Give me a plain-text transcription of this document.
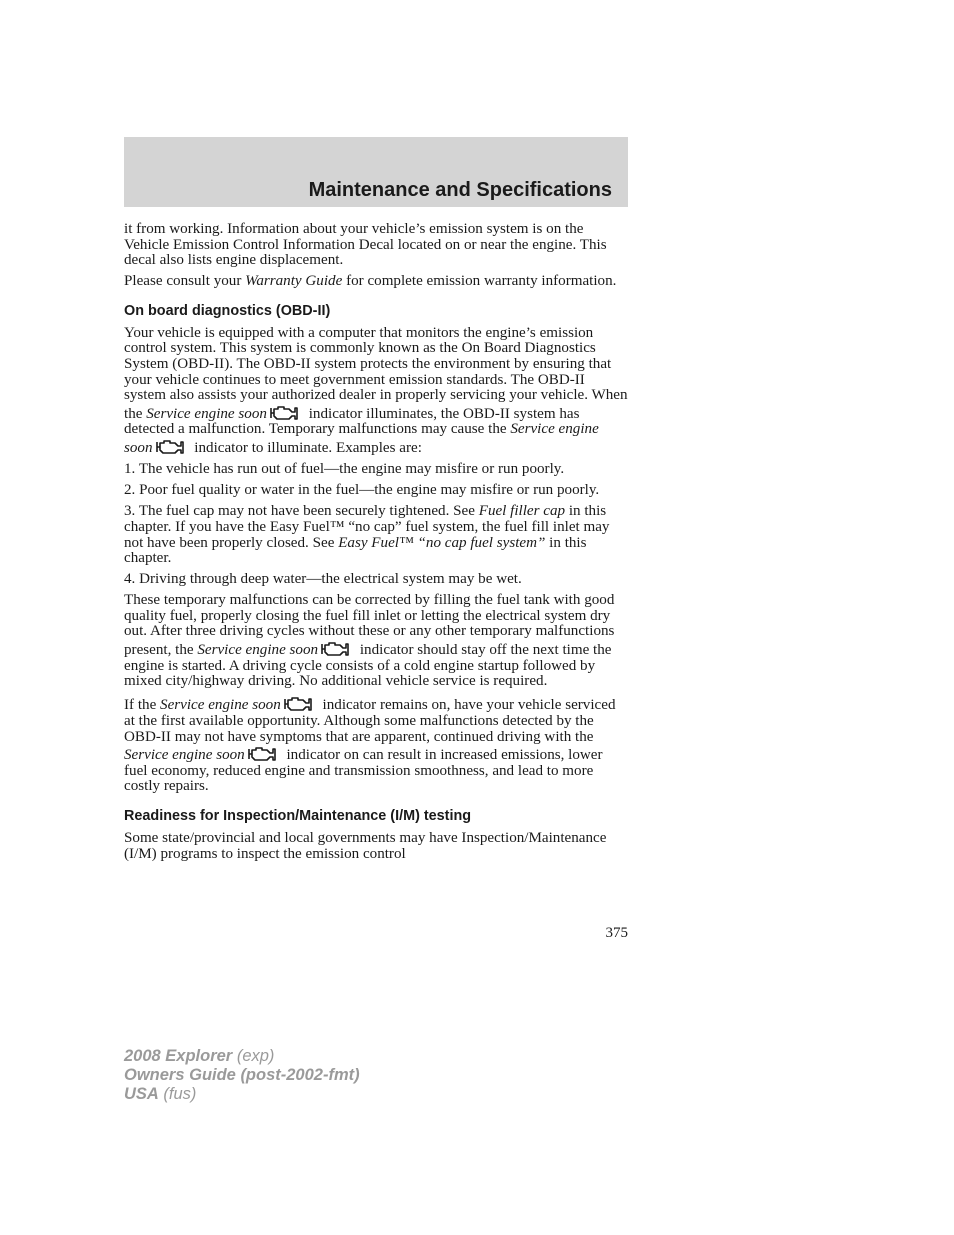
Maintenance and Specifications

it from working. Information about your vehicle’s emission system is on the Vehicle Emission Control Information Decal located on or near the engine. This decal also lists engine displacement.

Please consult your Warranty Guide for complete emission warranty information.

On board diagnostics (OBD-II)

Your vehicle is equipped with a computer that monitors the engine’s emission control system. This system is commonly known as the On Board Diagnostics System (OBD-II). The OBD-II system protects the environment by ensuring that your vehicle continues to meet government emission standards. The OBD-II system also assists your authorized dealer in properly servicing your vehicle. When the Service engine soon	indicator illuminates, the OBD-II system has detected a malfunction. Temporary malfunctions may cause the Service engine soon	indicator to illuminate. Examples are:

1. The vehicle has run out of fuel—the engine may misfire or run poorly.

2. Poor fuel quality or water in the fuel—the engine may misfire or run poorly.

3. The fuel cap may not have been securely tightened. See Fuel filler cap in this chapter. If you have the Easy Fuel™ “no cap” fuel system, the fuel fill inlet may not have been properly closed. See Easy Fuel™ “no cap fuel system” in this chapter.

4. Driving through deep water—the electrical system may be wet.

These temporary malfunctions can be corrected by filling the fuel tank with good quality fuel, properly closing the fuel fill inlet or letting the electrical system dry out. After three driving cycles without these or any other temporary malfunctions present, the Service engine soon	indicator should stay off the next time the engine is started. A driving cycle consists of a cold engine startup followed by mixed city/highway driving. No additional vehicle service is required.

If the Service engine soon	indicator remains on, have your vehicle serviced at the first available opportunity. Although some malfunctions detected by the OBD-II may not have symptoms that are apparent, continued driving with the Service engine soon	indicator on can result in increased emissions, lower fuel economy, reduced engine and transmission smoothness, and lead to more costly repairs.

Readiness for Inspection/Maintenance (I/M) testing

Some state/provincial and local governments may have Inspection/Maintenance (I/M) programs to inspect the emission control

375
2008 Explorer (exp)
Owners Guide (post-2002-fmt)
USA (fus)
